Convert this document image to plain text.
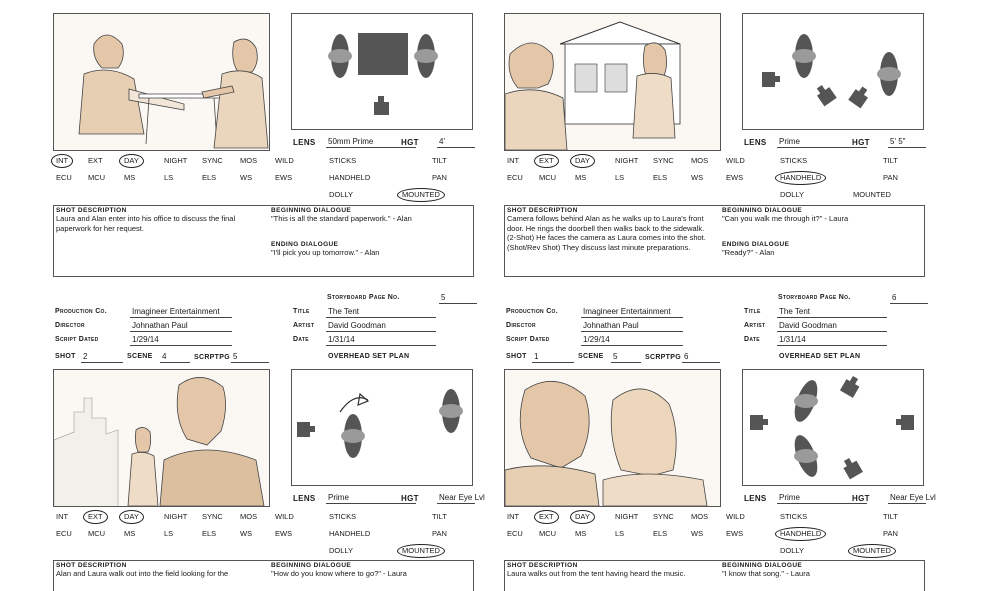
LENS 50mm Prime	HGT	4'
INT	EXT	DAY	NIGHT SYNC MOS WILD
ECU MCU	MS	LS	ELS	WS	EWS
STICKS
HANDHELD
DOLLY	MOUNTED
TILT
PAN
SHOT DESCRIPTION
Laura and Alan enter into his office to discuss the final paperwork for her request.
BEGINNING DIALOGUE
"This is all the standard paperwork." - Alan
ENDING DIALOGUE
"I'll pick you up tomorrow." - Alan
LENS Prime	HGT	5' 5"
INT	EXT	DAY	NIGHT SYNC MOS WILD
ECU MCU	MS	LS	ELS	WS	EWS
STICKS
HANDHELD
DOLLY	MOUNTED
TILT
PAN
SHOT DESCRIPTION
Camera follows behind Alan as he walks up to Laura's front door. He rings the doorbell then walks back to the sidewalk. (2-Shot) He faces the camera as Laura comes into the shot. (Shot/Rev Shot) They discuss last minute preparations.
BEGINNING DIALOGUE
"Can you walk me through it?" - Laura
ENDING DIALOGUE
"Ready?" - Alan
LENS Prime	HGT	Near Eye Lvl
INT	EXT	DAY	NIGHT SYNC MOS WILD
ECU MCU	MS	LS	ELS	WS	EWS
STICKS
HANDHELD
DOLLY	MOUNTED
TILT
PAN
SHOT DESCRIPTION
Alan and Laura walk out into the field looking for the
BEGINNING DIALOGUE
"How do you know where to go?" - Laura
LENS Prime	HGT	Near Eye Lvl
INT	EXT	DAY	NIGHT SYNC MOS WILD
ECU MCU	MS	LS	ELS	WS	EWS
STICKS
HANDHELD
DOLLY	MOUNTED
TILT
PAN
SHOT DESCRIPTION
Laura walks out from the tent having heard the music.
BEGINNING DIALOGUE
"I know that song." - Laura
Storyboard Page No.	5
Production Co.	Imagineer Entertainment
Director	Johnathan Paul
Script Dated	1/29/14
Title The Tent
Artist David Goodman
Date 1/31/14
SHOT 2	SCENE 4	SCRPTPG 5	OVERHEAD SET PLAN
Storyboard Page No.	6
Production Co.	Imagineer Entertainment
Director	Johnathan Paul
Script Dated	1/29/14
Title The Tent
Artist David Goodman
Date 1/31/14
SHOT 1	SCENE 5	SCRPTPG 6	OVERHEAD SET PLAN
